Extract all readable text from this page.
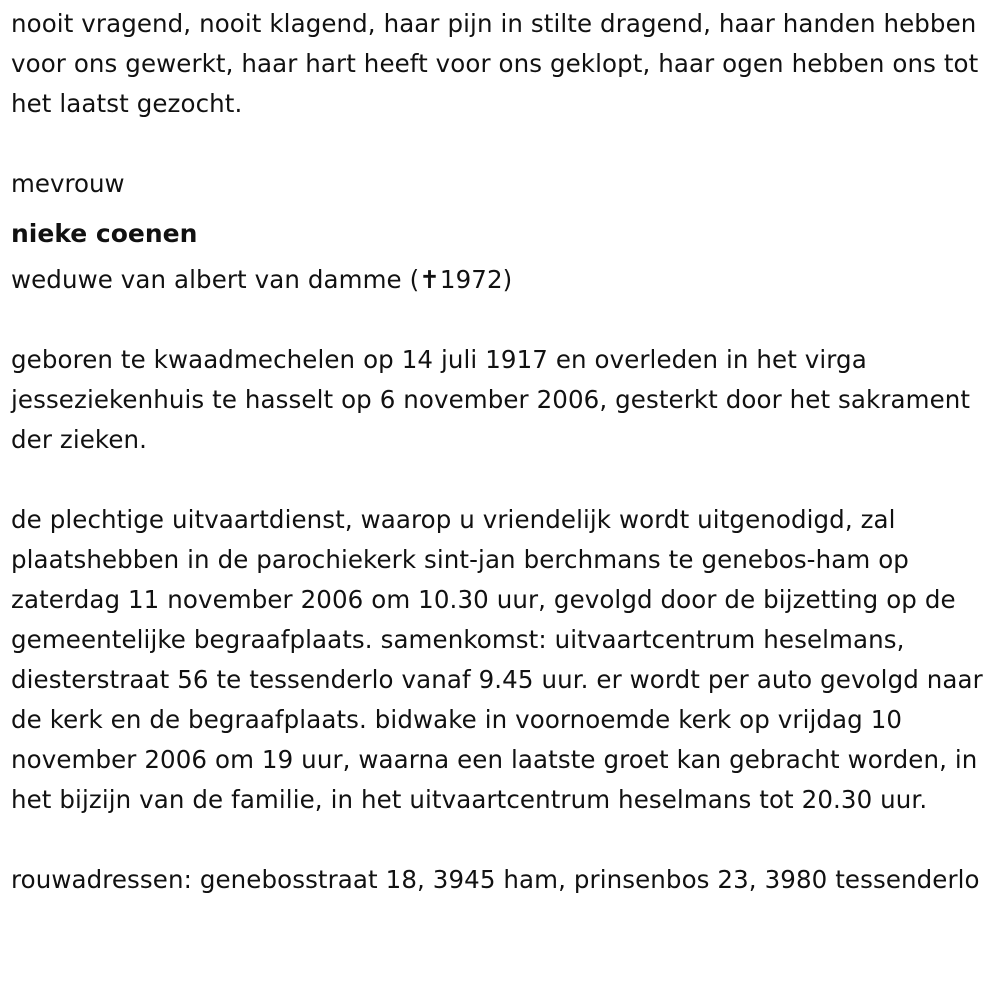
nooit vragend, nooit klagend, haar pijn in stilte dragend, haar handen hebben voor ons gewerkt, haar hart heeft voor ons geklopt, haar ogen hebben ons tot het laatst gezocht.

mevrouw

nieke coenen

weduwe van albert van damme (✝1972)

geboren te kwaadmechelen op 14 juli 1917 en overleden in het virga jesseziekenhuis te hasselt op 6 november 2006, gesterkt door het sakrament der zieken.

de plechtige uitvaartdienst, waarop u vriendelijk wordt uitgenodigd, zal plaatshebben in de parochiekerk sint-jan berchmans te genebos-ham op zaterdag 11 november 2006 om 10.30 uur, gevolgd door de bijzetting op de gemeentelijke begraafplaats. samenkomst: uitvaartcentrum heselmans, diesterstraat 56 te tessenderlo vanaf 9.45 uur. er wordt per auto gevolgd naar de kerk en de begraafplaats. bidwake in voornoemde kerk op vrijdag 10 november 2006 om 19 uur, waarna een laatste groet kan gebracht worden, in het bijzijn van de familie, in het uitvaartcentrum heselmans tot 20.30 uur.

rouwadressen: genebosstraat 18, 3945 ham, prinsenbos 23, 3980 tessenderlo
